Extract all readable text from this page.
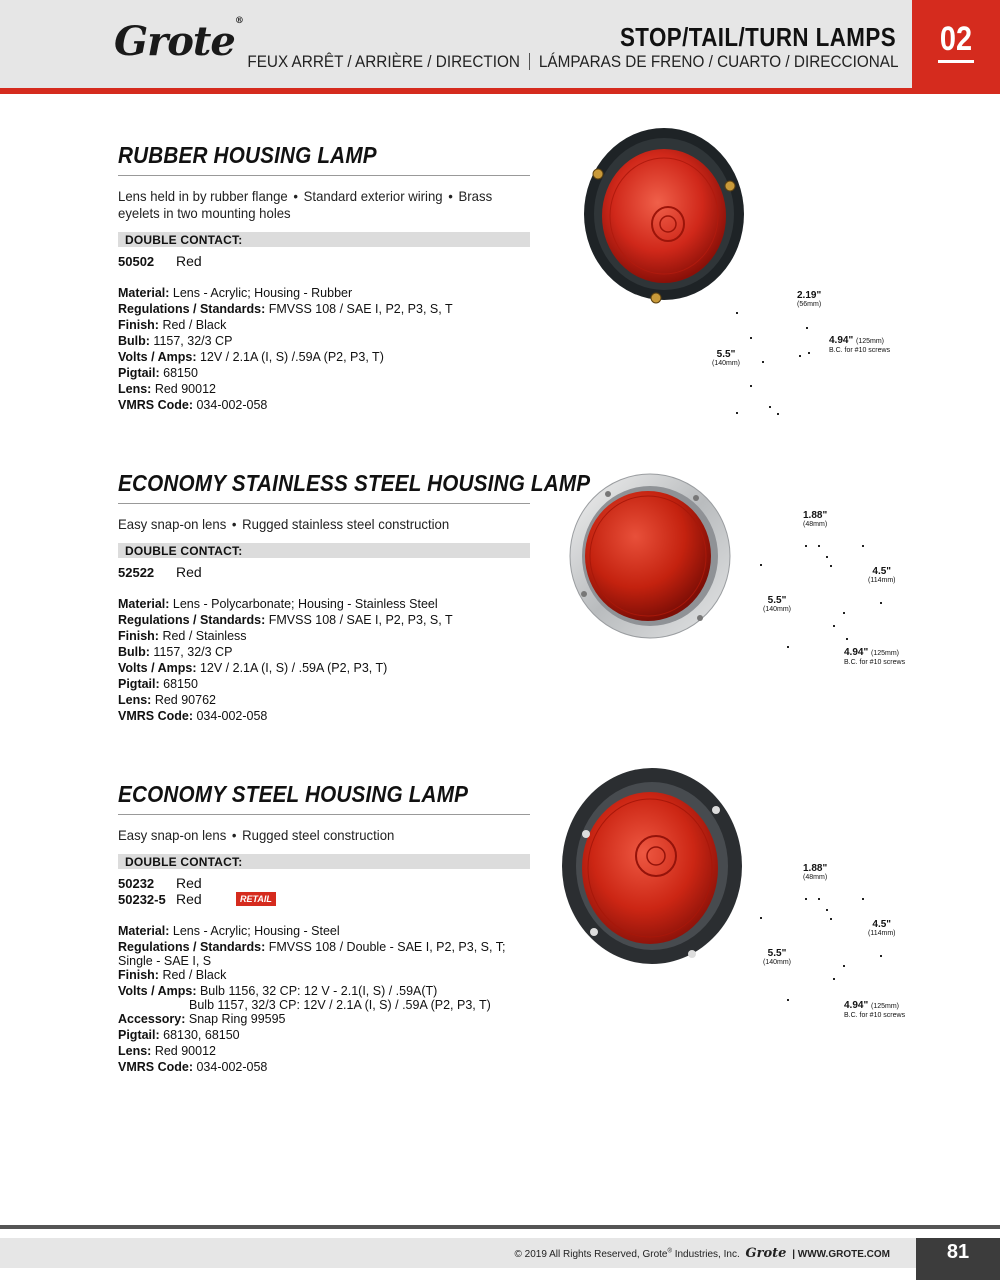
Grote®
STOP/TAIL/TURN LAMPS
FEUX ARRÊT / ARRIÈRE / DIRECTION LÁMPARAS DE FRENO / CUARTO / DIRECCIONAL
02
RUBBER HOUSING LAMP
Lens held in by rubber flange • Standard exterior wiring • Brass eyelets in two mounting holes
DOUBLE CONTACT:
50502	Red
Material: Lens - Acrylic; Housing - Rubber
Regulations / Standards: FMVSS 108 / SAE I, P2, P3, S, T
Finish: Red / Black
Bulb: 1157, 32/3 CP
Volts / Amps: 12V / 2.1A (I, S) /.59A (P2, P3, T)
Pigtail: 68150
Lens: Red 90012
VMRS Code: 034-002-058
2.19"
(56mm)
5.5"
(140mm)
4.94" (125mm)
B.C. for #10 screws
ECONOMY STAINLESS STEEL HOUSING LAMP
Easy snap-on lens • Rugged stainless steel construction
DOUBLE CONTACT:
52522	Red
Material: Lens - Polycarbonate; Housing - Stainless Steel
Regulations / Standards: FMVSS 108 / SAE I, P2, P3, S, T
Finish: Red / Stainless
Bulb: 1157, 32/3 CP
Volts / Amps: 12V / 2.1A (I, S) / .59A (P2, P3, T)
Pigtail: 68150
Lens: Red 90762
VMRS Code: 034-002-058
1.88"
(48mm)
4.5"
(114mm)
5.5"
(140mm)
4.94" (125mm)
B.C. for #10 screws
ECONOMY STEEL HOUSING LAMP
Easy snap-on lens • Rugged steel construction
DOUBLE CONTACT:
50232	Red
50232-5 Red	RETAIL
Material: Lens - Acrylic; Housing - Steel
Regulations / Standards: FMVSS 108 / Double - SAE I, P2, P3, S, T;
Single - SAE I, S
Finish: Red / Black
Volts / Amps: Bulb 1156, 32 CP: 12 V - 2.1(I, S) / .59A(T)
Bulb 1157, 32/3 CP: 12V / 2.1A (I, S) / .59A (P2, P3, T)
Accessory: Snap Ring 99595
Pigtail: 68130, 68150
Lens: Red 90012
VMRS Code: 034-002-058
1.88"
(48mm)
4.5"
(114mm)
5.5"
(140mm)
4.94" (125mm)
B.C. for #10 screws
© 2019 All Rights Reserved, Grote® Industries, Inc. Grote | WWW.GROTE.COM	81
